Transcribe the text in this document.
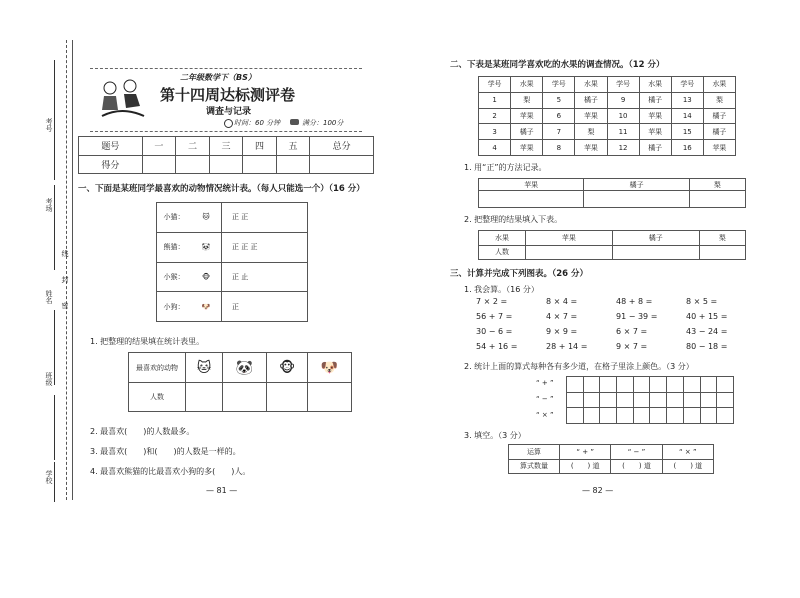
考号
考场
姓名
密
封
线
班级
学校
二年级数学下（BS）
第十四周达标测评卷
调查与记录
时间：60 分钟	满分：100分
题号	一	二	三	四	五	总分
得分						
一、下面是某班同学最喜欢的动物情况统计表。（每人只能选一个）（16 分）
小猫：	🐱	正 正
熊猫：	🐼	正 正 正
小猴：	🐵	正 止
小狗：	🐶	正
1. 把整理的结果填在统计表里。
最喜欢的动物	🐱	🐼	🐵	🐶
人数				
2. 最喜欢(　　)的人数最多。
3. 最喜欢(　　)和(　　)的人数是一样的。
4. 最喜欢熊猫的比最喜欢小狗的多(　　)人。
— 81 —
二、下表是某班同学喜欢吃的水果的调查情况。（12 分）
学号	水果	学号	水果	学号	水果	学号	水果
1	梨	5	橘子	9	橘子	13	梨
2	苹果	6	苹果	10	苹果	14	橘子
3	橘子	7	梨	11	苹果	15	橘子
4	苹果	8	苹果	12	橘子	16	苹果
1. 用“正”的方法记录。
苹果	橘子	梨

2. 把整理的结果填入下表。
水果	苹果	橘子	梨
人数			
三、计算并完成下列图表。（26 分）
1. 我会算。（16 分）
7 × 2 =	8 × 4 =	48 + 8 =	8 × 5 =
56 + 7 =	4 × 7 =	91 − 39 =	40 + 15 =
30 − 6 =	9 × 9 =	6 × 7 =	43 − 24 =
54 + 16 =	28 + 14 =	9 × 7 =	80 − 18 =
2. 统计上面的算式每种各有多少道，在格子里涂上颜色。（3 分）
“ + ”
“ − ”
“ × ”

3. 填空。（3 分）
运算	“ + ”	“ − ”	“ × ”
算式数量	(　　) 道	(　　) 道	(　　) 道
— 82 —
